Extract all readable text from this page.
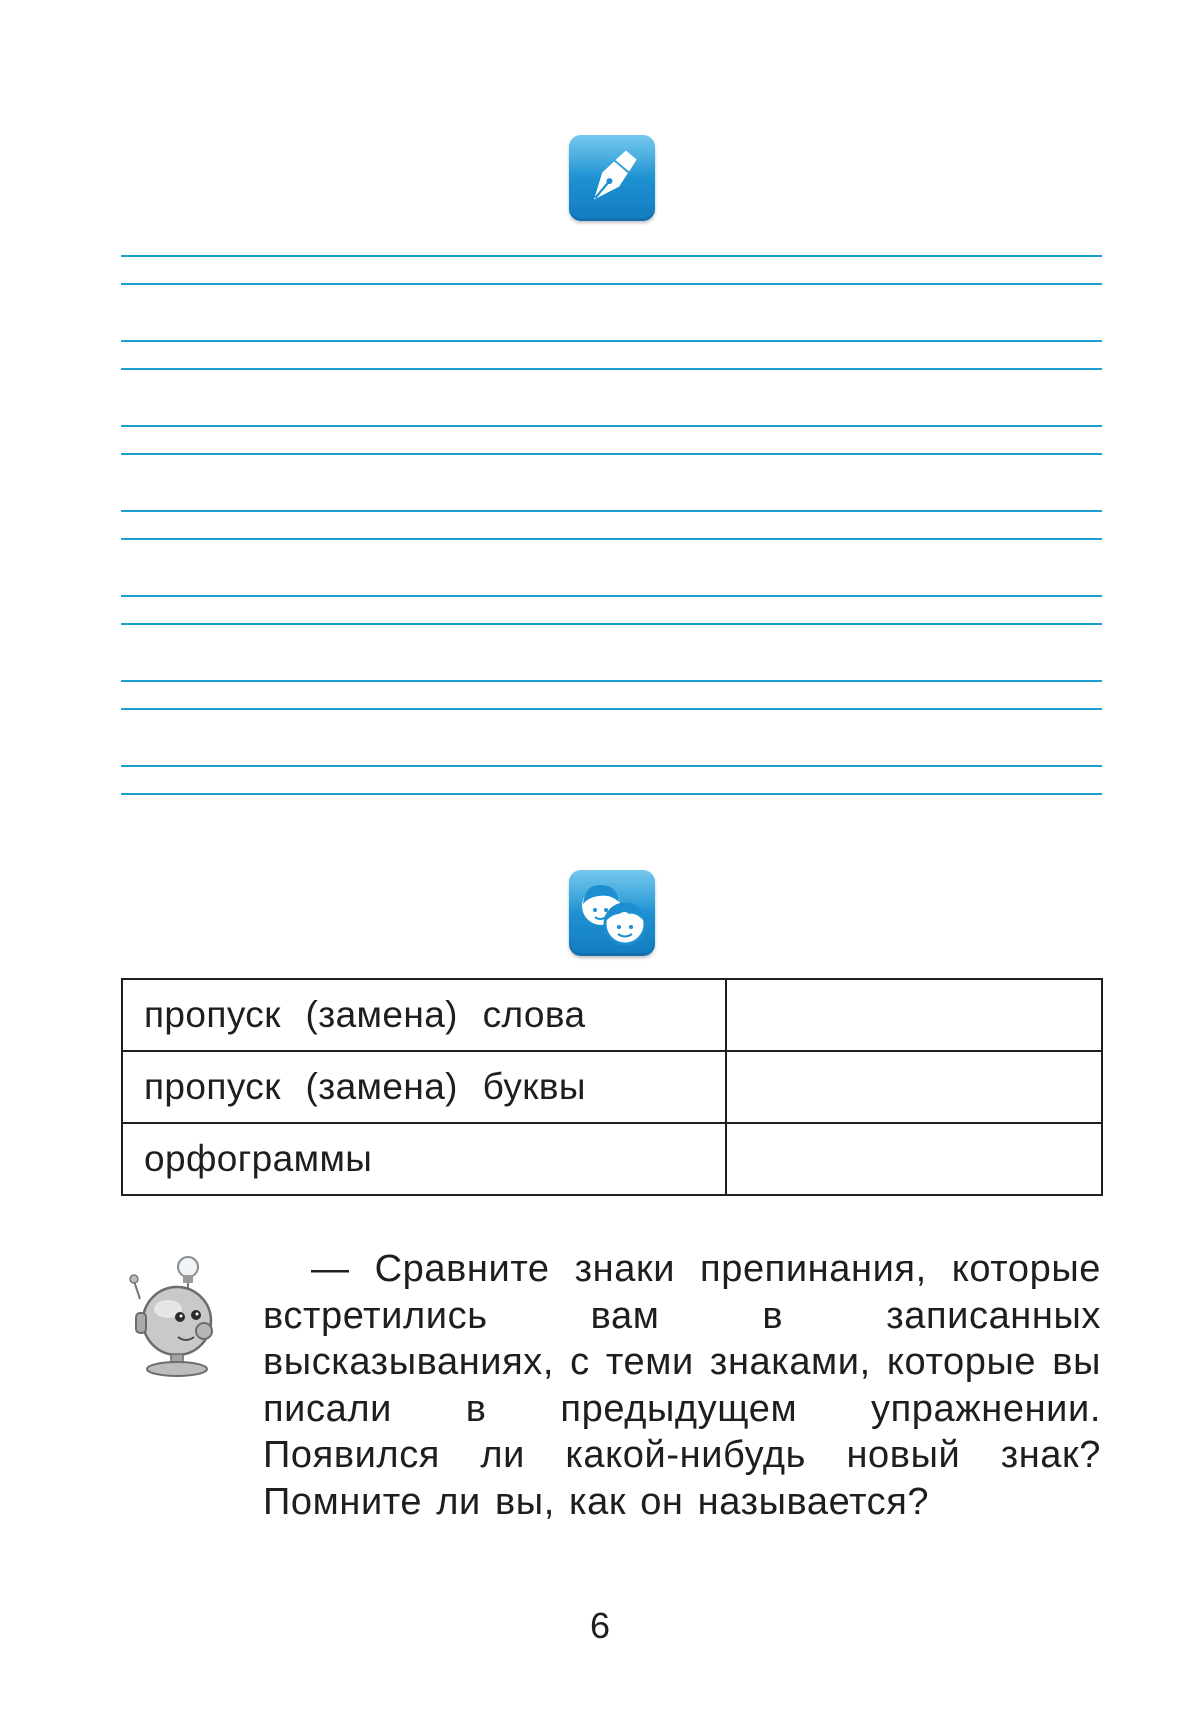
пропуск (замена) слова	
пропуск (замена) буквы	
орфограммы	
— Сравните знаки препинания, которые встретились вам в записанных высказываниях, с теми знаками, которые вы писали в предыдущем упражнении. Появился ли какой-нибудь новый знак? Помните ли вы, как он называется?
6
